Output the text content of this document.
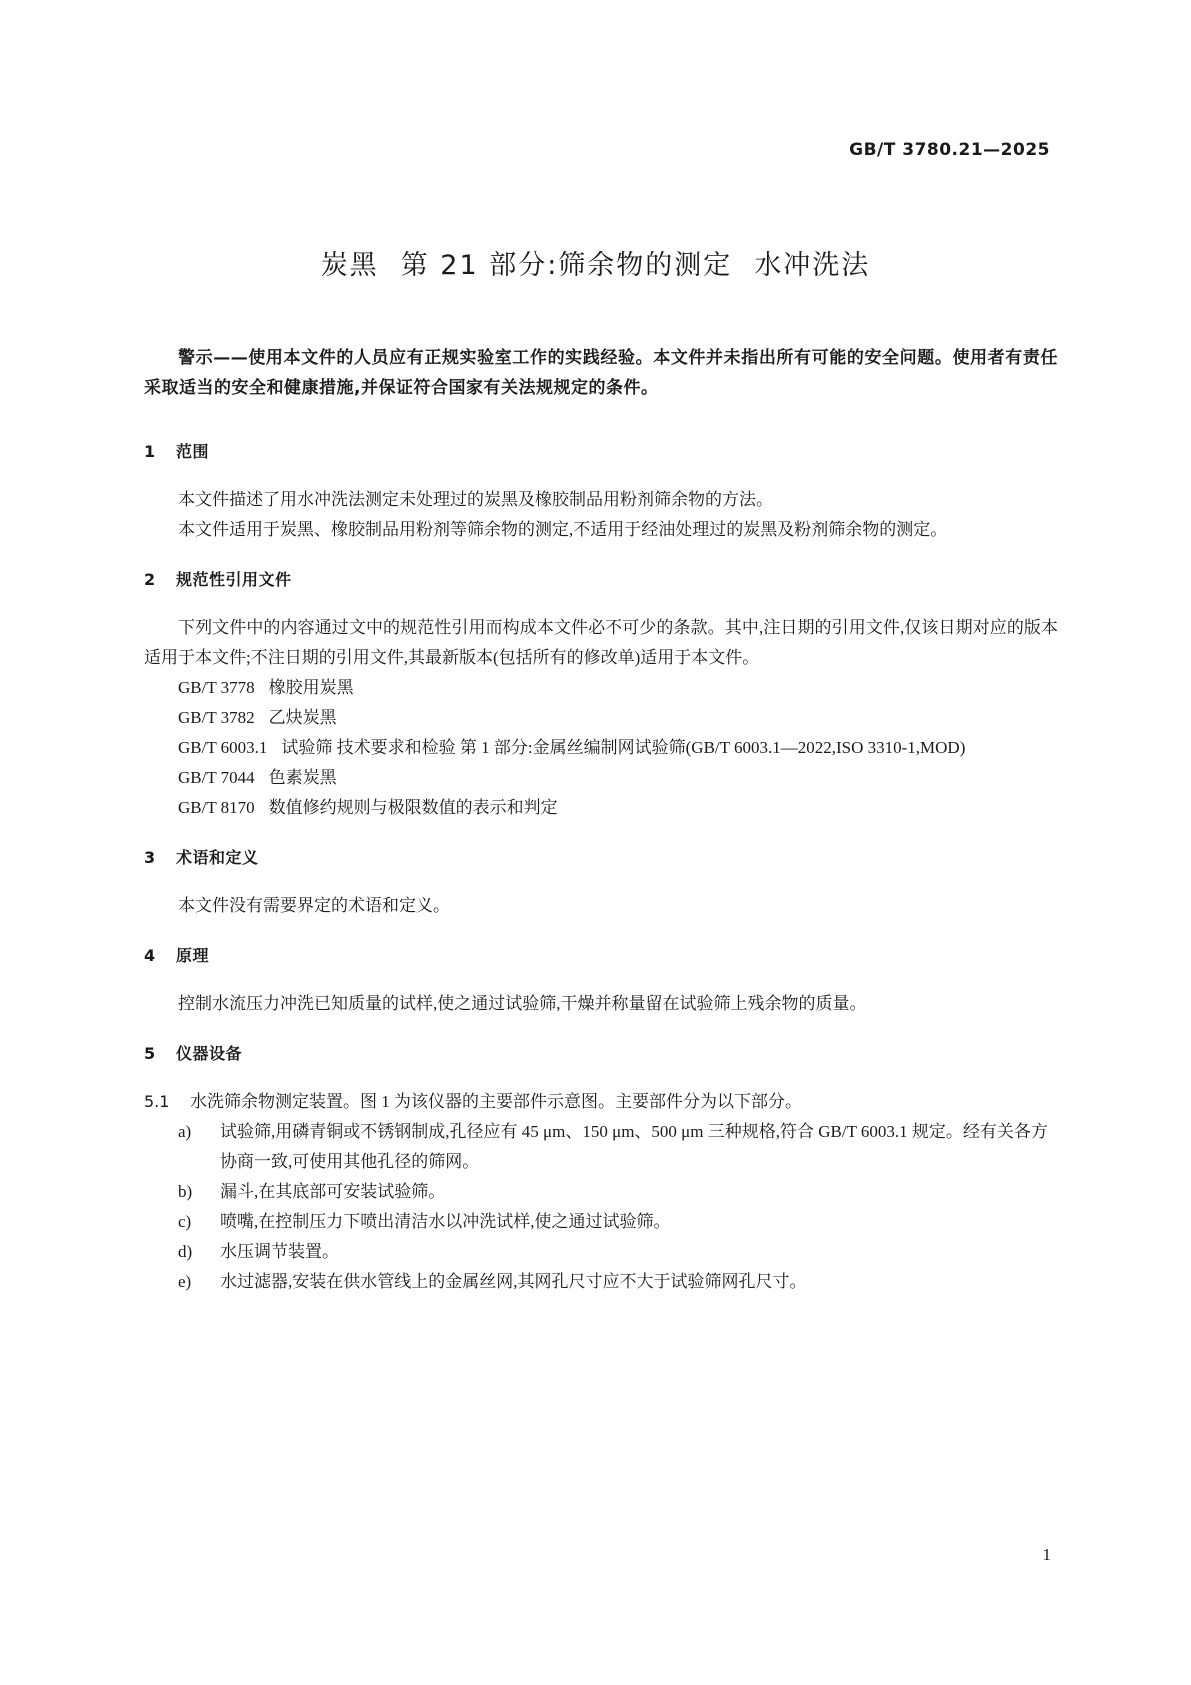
GB/T 3780.21—2025
炭黑 第 21 部分:筛余物的测定 水冲洗法

警示——使用本文件的人员应有正规实验室工作的实践经验。本文件并未指出所有可能的安全问题。使用者有责任采取适当的安全和健康措施,并保证符合国家有关法规规定的条件。

1 范围

本文件描述了用水冲洗法测定未处理过的炭黑及橡胶制品用粉剂筛余物的方法。

本文件适用于炭黑、橡胶制品用粉剂等筛余物的测定,不适用于经油处理过的炭黑及粉剂筛余物的测定。

2 规范性引用文件

下列文件中的内容通过文中的规范性引用而构成本文件必不可少的条款。其中,注日期的引用文件,仅该日期对应的版本适用于本文件;不注日期的引用文件,其最新版本(包括所有的修改单)适用于本文件。

GB/T 3778 橡胶用炭黑
GB/T 3782 乙炔炭黑
GB/T 6003.1 试验筛 技术要求和检验 第 1 部分:金属丝编制网试验筛(GB/T 6003.1—2022,ISO 3310-1,MOD)
GB/T 7044 色素炭黑
GB/T 8170 数值修约规则与极限数值的表示和判定
3 术语和定义

本文件没有需要界定的术语和定义。

4 原理

控制水流压力冲洗已知质量的试样,使之通过试验筛,干燥并称量留在试验筛上残余物的质量。

5 仪器设备

5.1 水洗筛余物测定装置。图 1 为该仪器的主要部件示意图。主要部件分为以下部分。

a) 试验筛,用磷青铜或不锈钢制成,孔径应有 45 μm、150 μm、500 μm 三种规格,符合 GB/T 6003.1 规定。经有关各方协商一致,可使用其他孔径的筛网。
b) 漏斗,在其底部可安装试验筛。
c) 喷嘴,在控制压力下喷出清洁水以冲洗试样,使之通过试验筛。
d) 水压调节装置。
e) 水过滤器,安装在供水管线上的金属丝网,其网孔尺寸应不大于试验筛网孔尺寸。
1
